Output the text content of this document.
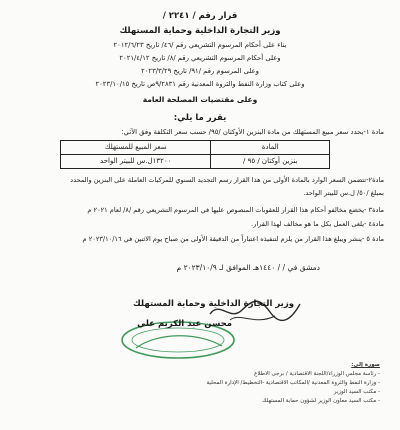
قرار رقم / ٢٢٤١ /
وزير التجارة الداخلية وحماية المستهلك
بناء على أحكام المرسوم التشريعي رقم /٤٦/ تاريخ ٢٠١٢/٦/٢٣
وعلى أحكام المرسوم التشريعي رقم /٨/ تاريخ ٢٠٢١/٤/١٢
وعلى المرسوم رقم /٩١/ تاريخ ٢٠٢٣/٣/٢٩
وعلى كتاب وزارة النفط والثروة المعدنية رقم ٩/٢٨٣١ص تاريخ ٢٠٢٣/١٠/١٥
وعلى مقتضيات المصلحة العامة
يقرر ما يلي:
مادة ١-يحدد سعر مبيع المستهلك من مادة البنزين الأوكتان /٩٥/ حسب سعر التكلفة وفق الآتي:
المادة	سعر المبيع للمستهلك
بنزين أوكتان / ٩٥ /	١٣٢٠٠ل.س للبيتر الواحد
مادة٢-تتضمن السعر الوارد بالمادة الأولى من هذا القرار رسم التجديد السنوي للمركبات العاملة على البنزين والمحدد
بمبلغ /٥٠/ ل.س للبيتر الواحد.
مادة٣ -يخضع مخالفو أحكام هذا القرار للعقوبات المنصوص عليها في المرسوم التشريعي رقم /٨/ لعام ٢٠٢١ م
مادة٤ -يلغى العمل بكل ما هو مخالف لهذا القرار.
مادة ٥ -ينشر ويبلغ هذا القرار من يلزم لتنفيذه اعتباراً من الدقيقة الأولى من صباح يوم الاثنين في ٢٠٢٣/١٠/١٦ م
دمشق في / / ١٤٤٠هـ الموافق لـ ٢٠٢٣/١٠/٩ م
وزير التجارة الداخلية وحماية المستهلك
محسن عبد الكريم علي
صورة إلى:
- رئاسة مجلس الوزراء/اللجنة الاقتصادية / برجى الاطلاع
- وزارة النفط والثروة المعدنية /المكاتب الاقتصادية -التخطيط/ الإدارة المحلية
- مكتب السيد الوزير
- مكتب السيد معاون الوزير لشؤون حماية المستهلك
